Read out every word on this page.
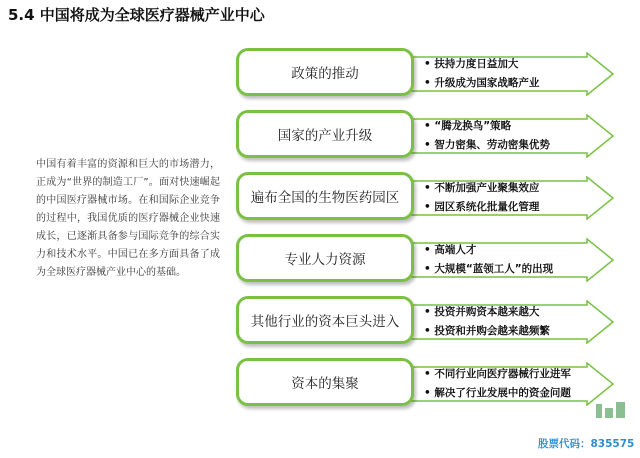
5.4 中国将成为全球医疗器械产业中心
中国有着丰富的资源和巨大的市场潜力，正成为“世界的制造工厂”。面对快速崛起的中国医疗器械市场。在和国际企业竞争的过程中，我国优质的医疗器械企业快速成长，已逐渐具备参与国际竞争的综合实力和技术水平。中国已在多方面具备了成为全球医疗器械产业中心的基础。
政策的推动
• 扶持力度日益加大
• 升级成为国家战略产业
国家的产业升级
• “腾龙换鸟”策略
• 智力密集、劳动密集优势
遍布全国的生物医药园区
• 不断加强产业聚集效应
• 园区系统化批量化管理
专业人力资源
• 高端人才
• 大规模“蓝领工人”的出现
其他行业的资本巨头进入
• 投资并购资本越来越大
• 投资和并购会越来越频繁
资本的集聚
• 不同行业向医疗器械行业进军
• 解决了行业发展中的资金问题
股票代码：835575
